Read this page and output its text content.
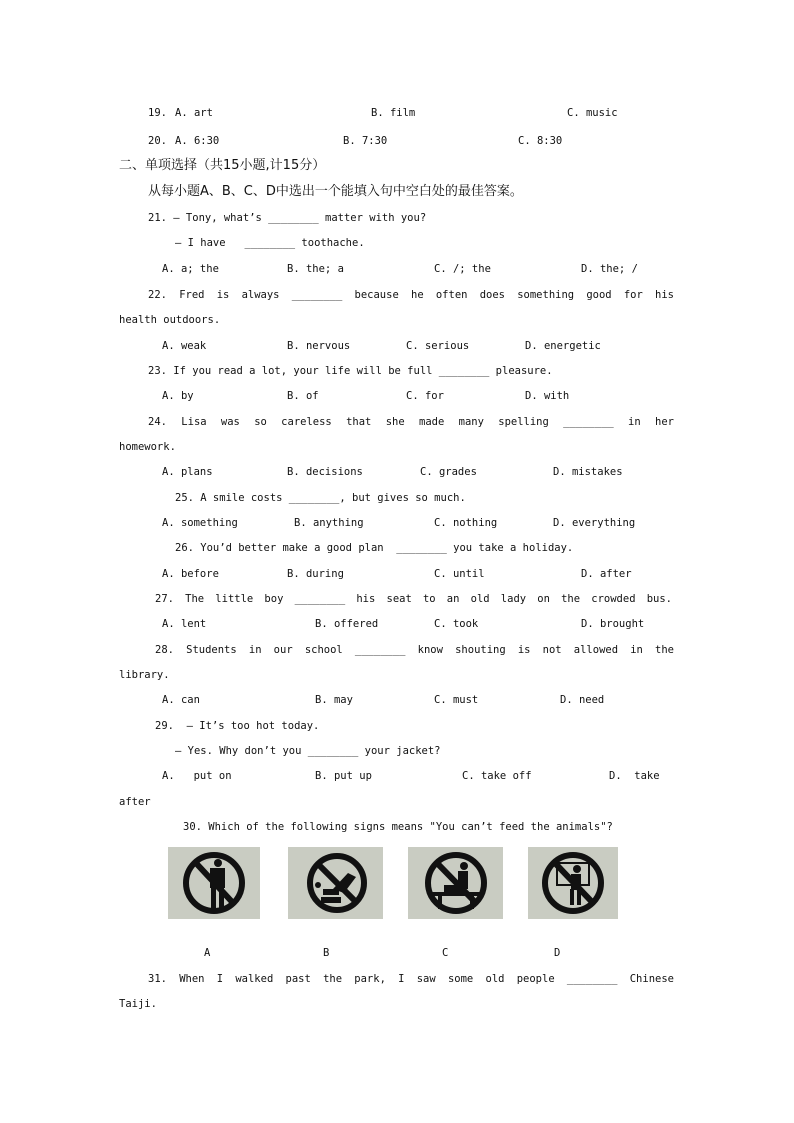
19. A. art	B. film	C. music
20. A. 6:30	B. 7:30	C. 8:30
二、单项选择（共15小题,计15分）
从每小题A、B、C、D中选出一个能填入句中空白处的最佳答案。
21. — Tony, what’s ________ matter with you?
— I have   ________ toothache.
A. a; the	B. the; a	C. /; the	D. the; /
22. Fred is always ________ because he often does something good for his
health outdoors.
A. weak	B. nervous	C. serious	D. energetic
23. If you read a lot, your life will be full ________ pleasure.
A. by	B. of	C. for	D. with
24. Lisa was so careless that she made many spelling ________ in her
homework.
A. plans	B. decisions	C. grades	D. mistakes
25. A smile costs ________, but gives so much.
A. something	B. anything	C. nothing	D. everything
26. You’d better make a good plan  ________ you take a holiday.
A. before	B. during	C. until	D. after
27. The little boy ________ his seat to an old lady on the crowded bus.
A. lent	B. offered	C. took	D. brought
28. Students in our school ________ know shouting is not allowed in the
library.
A. can	B. may	C. must	D. need
29.  — It’s too hot today.
— Yes. Why don’t you ________ your jacket?
A.   put on	B. put up	C. take off	D.  take
after
30. Which of the following signs means "You can’t feed the animals"?
A	B	C	D
31. When I walked past the park, I saw some old people ________ Chinese
Taiji.
